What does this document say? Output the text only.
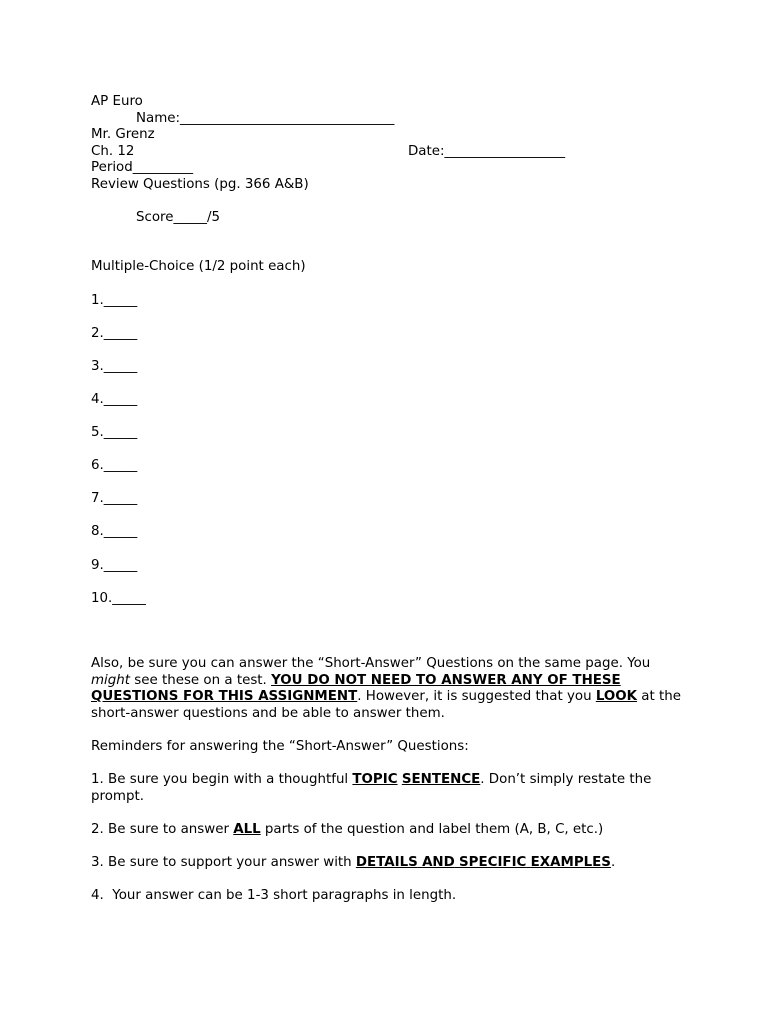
AP Euro
Name:________________________________
Mr. Grenz
Ch. 12	Date:__________________
Period_________
Review Questions (pg. 366 A&B)
Score_____/5
Multiple-Choice (1/2 point each)
1._____
2._____
3._____
4._____
5._____
6._____
7._____
8._____
9._____
10._____
Also, be sure you can answer the “Short-Answer” Questions on the same page. You might see these on a test. YOU DO NOT NEED TO ANSWER ANY OF THESE QUESTIONS FOR THIS ASSIGNMENT. However, it is suggested that you LOOK at the short-answer questions and be able to answer them.
Reminders for answering the “Short-Answer” Questions:
1. Be sure you begin with a thoughtful TOPIC SENTENCE. Don’t simply restate the prompt.
2. Be sure to answer ALL parts of the question and label them (A, B, C, etc.)
3. Be sure to support your answer with DETAILS AND SPECIFIC EXAMPLES.
4.  Your answer can be 1-3 short paragraphs in length.
